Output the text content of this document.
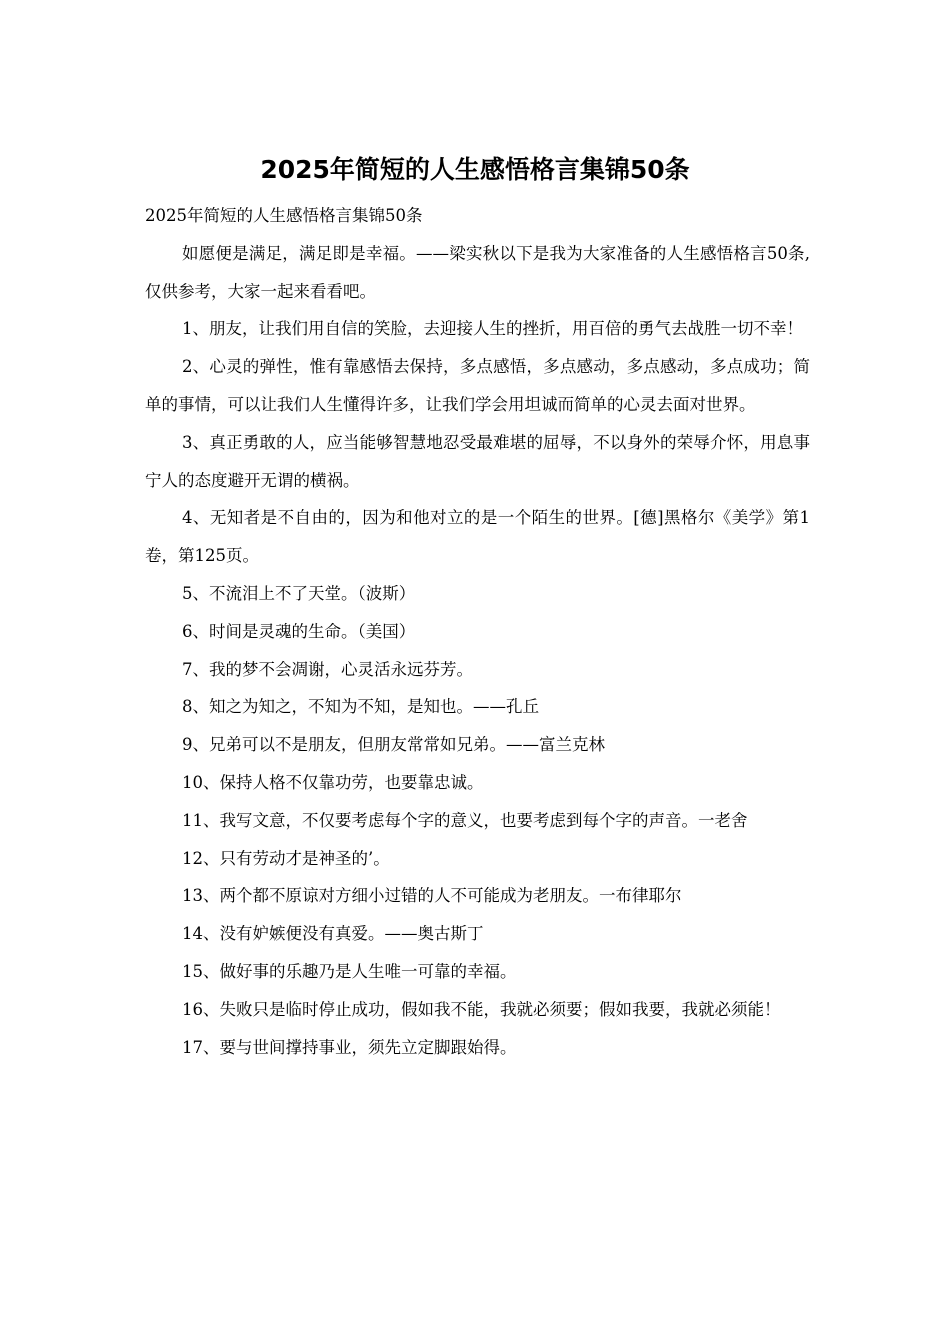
2025年简短的人生感悟格言集锦50条

2025年简短的人生感悟格言集锦50条

如愿便是满足，满足即是幸福。——梁实秋以下是我为大家准备的人生感悟格言50条,仅供参考，大家一起来看看吧。

1、朋友，让我们用自信的笑脸，去迎接人生的挫折，用百倍的勇气去战胜一切不幸！

2、心灵的弹性，惟有靠感悟去保持，多点感悟，多点感动，多点感动，多点成功；简单的事情，可以让我们人生懂得许多，让我们学会用坦诚而简单的心灵去面对世界。

3、真正勇敢的人，应当能够智慧地忍受最难堪的屈辱，不以身外的荣辱介怀，用息事宁人的态度避开无谓的横祸。

4、无知者是不自由的，因为和他对立的是一个陌生的世界。[德]黑格尔《美学》第1卷，第125页。

5、不流泪上不了天堂。（波斯）

6、时间是灵魂的生命。（美国）

7、我的梦不会凋谢，心灵活永远芬芳。

8、知之为知之，不知为不知，是知也。——孔丘

9、兄弟可以不是朋友，但朋友常常如兄弟。——富兰克林

10、保持人格不仅靠功劳，也要靠忠诚。

11、我写文意，不仅要考虑每个字的意义，也要考虑到每个字的声音。一老舍

12、只有劳动才是神圣的’。

13、两个都不原谅对方细小过错的人不可能成为老朋友。一布律耶尔

14、没有妒嫉便没有真爱。——奥古斯丁

15、做好事的乐趣乃是人生唯一可靠的幸福。

16、失败只是临时停止成功，假如我不能，我就必须要；假如我要，我就必须能！

17、要与世间撑持事业，须先立定脚跟始得。
